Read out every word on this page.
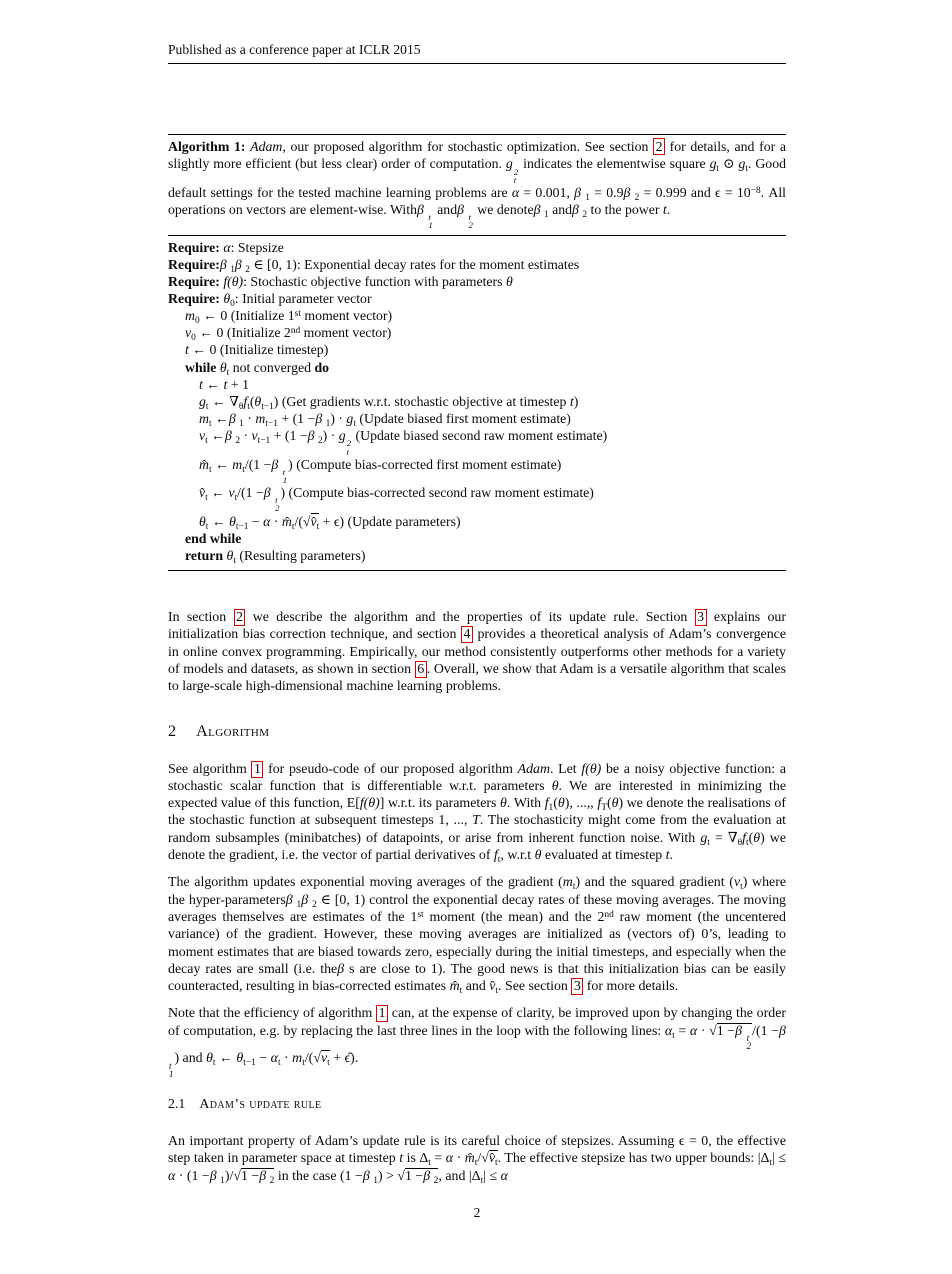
Published as a conference paper at ICLR 2015
Algorithm 1: Adam, our proposed algorithm for stochastic optimization. See section 2 for details, and for a slightly more efficient (but less clear) order of computation. g
2
t
indicates the elementwise square $g_t$ ⊙ $g_t$. Good default settings for the tested machine learning problems are α = 0.001, β $_1$ = 0.9β $_2$ = 0.999 and $\epsilon = 10^{-8}$. All operations on vectors are element-wise. Withβ
t
1
andβ
t
2
we denoteβ $_1$ andβ $_2$ to the power t.
Require: α: Stepsize
Require:β $_1$β $_2$ ∈ [0, 1): Exponential decay rates for the moment estimates
Require: f(θ): Stochastic objective function with parameters θ
Require: $\theta_0$: Initial parameter vector
$m_0$ ← 0 (Initialize 1st moment vector)
$v_0$ ← 0 (Initialize 2nd moment vector)
t ← 0 (Initialize timestep)
while $\theta_t$ not converged do
t ← t + 1
$g_t$ ← $\nabla_\theta f_t(\theta_{t-1})$ (Get gradients w.r.t. stochastic objective at timestep t)
$m_t$ ←β $_1 \cdot m_{t-1} + (1 -\beta$ $_1) \cdot g_t$ (Update biased first moment estimate)
$v_t$ ←β $_2 \cdot v_{t-1} + (1 -\beta$ $_2$) · g
2
t
(Update biased second raw moment estimate)
$m̂_t$ ← $m_t/(1 -\beta$
t
1
) (Compute bias-corrected first moment estimate)
$v̂_t$ ← $v_t/(1 -\beta$
t
2
) (Compute bias-corrected second raw moment estimate)
$\theta_t$ ← $\theta_{t-1} - \alpha$ · $m̂_t/(√v̂_t + \epsilon)$ (Update parameters)
end while
return $\theta_t$ (Resulting parameters)

In section 2 we describe the algorithm and the properties of its update rule. Section 3 explains our initialization bias correction technique, and section 4 provides a theoretical analysis of Adam’s convergence in online convex programming. Empirically, our method consistently outperforms other methods for a variety of models and datasets, as shown in section 6 . Overall, we show that Adam is a versatile algorithm that scales to large-scale high-dimensional machine learning problems.

2 Algorithm

See algorithm 1 for pseudo-code of our proposed algorithm Adam. Let f(θ) be a noisy objective function: a stochastic scalar function that is differentiable w.r.t. parameters θ. We are interested in minimizing the expected value of this function, E[f(θ)] w.r.t. its parameters θ. With $f_1(\theta)$, ...,, $f_T(\theta)$ we denote the realisations of the stochastic function at subsequent timesteps 1, ..., T. The stochasticity might come from the evaluation at random subsamples (minibatches) of datapoints, or arise from inherent function noise. With $g_t = \nabla_\theta f_t(\theta)$ we denote the gradient, i.e. the vector of partial derivatives of $f_t$, w.r.t θ evaluated at timestep t.

The algorithm updates exponential moving averages of the gradient $(m_t)$ and the squared gradient $(v_t)$ where the hyper-parametersβ $_1$β $_2$ ∈ [0, 1) control the exponential decay rates of these moving averages. The moving averages themselves are estimates of the 1st moment (the mean) and the 2nd raw moment (the uncentered variance) of the gradient. However, these moving averages are initialized as (vectors of) 0’s, leading to moment estimates that are biased towards zero, especially during the initial timesteps, and especially when the decay rates are small (i.e. theβ s are close to 1). The good news is that this initialization bias can be easily counteracted, resulting in bias-corrected estimates $m̂_t$ and $v̂_t$. See section 3 for more details.

Note that the efficiency of algorithm 1 can, at the expense of clarity, be improved upon by changing the order of computation, e.g. by replacing the last three lines in the loop with the following lines: $\alpha_t = \alpha \cdot √1 -\beta$ t
2
/(1 −β
t
1
) and $\theta_t$ ← $\theta_{t-1} - \alpha_t \cdot m_t/(√v_t$ + ϵ̂).

2.1 Adam’s update rule

An important property of Adam’s update rule is its careful choice of stepsizes. Assuming ϵ = 0, the effective step taken in parameter space at timestep t is $\Delta_t = \alpha$ · $m̂_t/√v̂_t$. The effective stepsize has two upper bounds: $|\Delta_t| \le \alpha \cdot (1 -\beta$ $_1$)/√1 −β $_2$ in the case (1 −β $_1$) > √1 −β $_2$, and $|\Delta_t| \le \alpha$

2
